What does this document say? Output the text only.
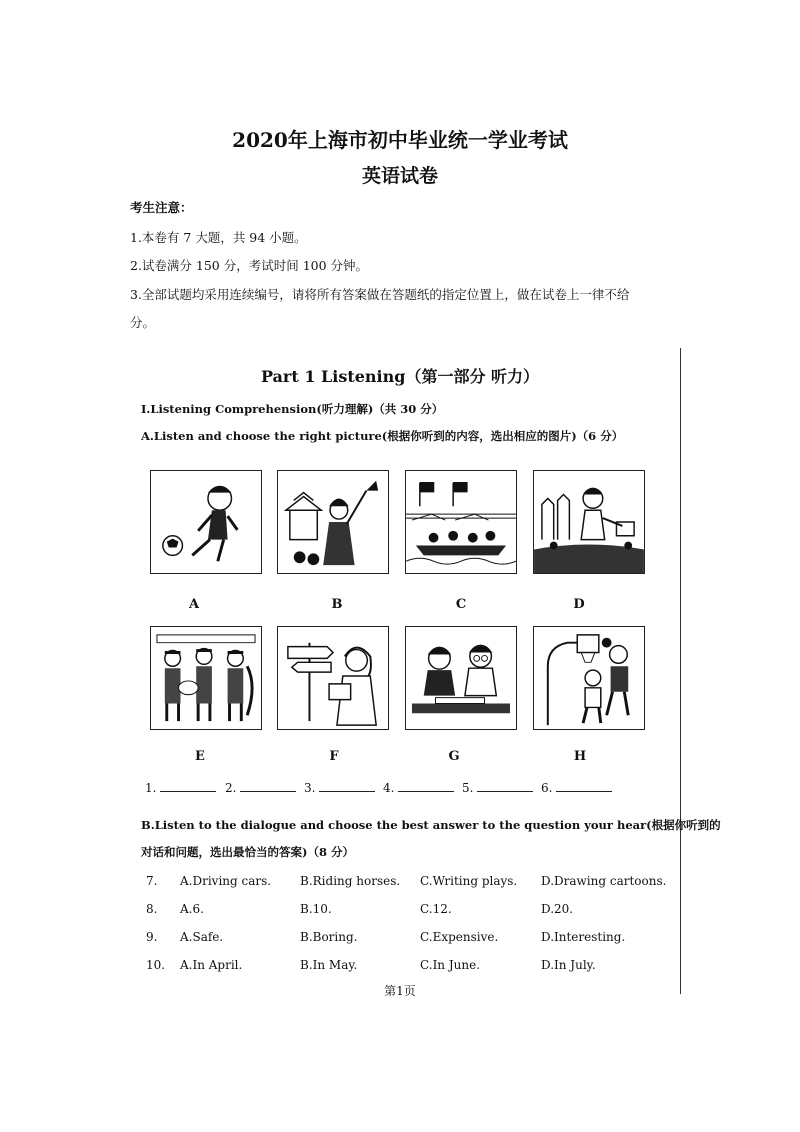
2020年上海市初中毕业统一学业考试
英语试卷
考生注意：
1.本卷有 7 大题，共 94 小题。
2.试卷满分 150 分，考试时间 100 分钟。
3.全部试题均采用连续编号，请将所有答案做在答题纸的指定位置上，做在试卷上一律不给
分。
Part 1 Listening（第一部分 听力）
I.Listening Comprehension(听力理解)（共 30 分）
A.Listen and choose the right picture(根据你听到的内容，选出相应的图片)（6 分）
A	B	C	D
E	F	G	H
1.	2.	3.	4.	5.	6.
B.Listen to the dialogue and choose the best answer to the question your hear(根据你听到的
对话和问题，选出最恰当的答案)（8 分）
7. A.Driving cars. B.Riding horses. C.Writing plays. D.Drawing cartoons.
8. A.6.	B.10.	C.12.	D.20.
9. A.Safe.	B.Boring.	C.Expensive.	D.Interesting.
10. A.In April.	B.In May.	C.In June.	D.In July.
第1页
